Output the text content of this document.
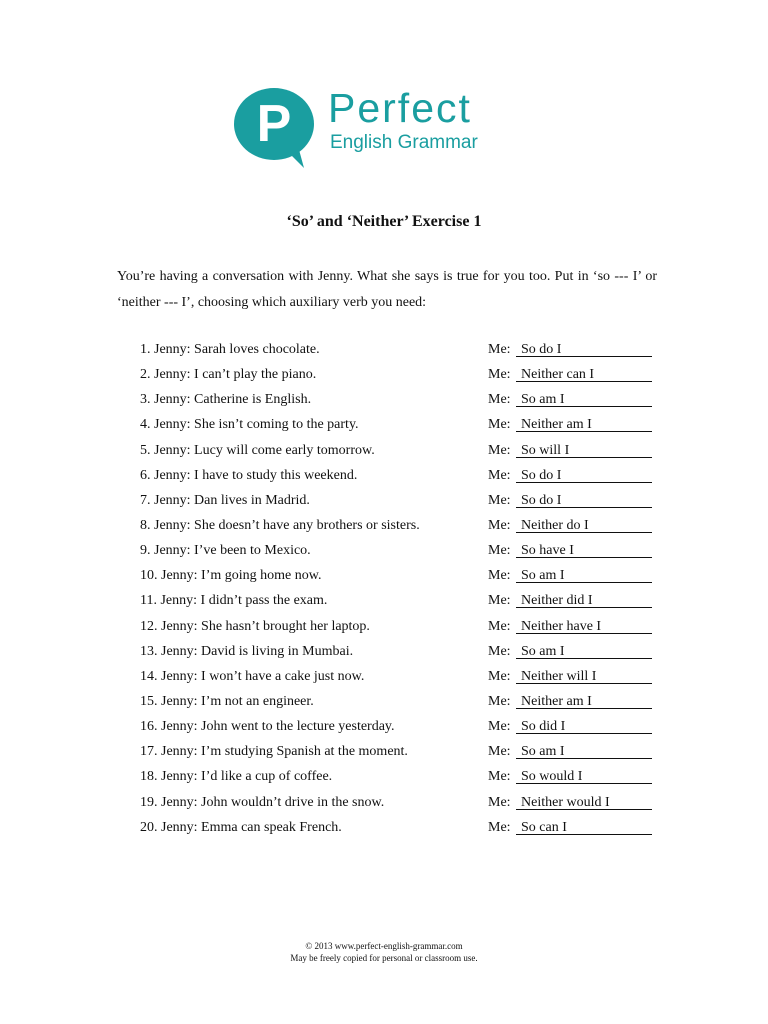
P Perfect
English Grammar
‘So’ and ‘Neither’ Exercise 1
You’re having a conversation with Jenny. What she says is true for you too. Put in ‘so --- I’ or ‘neither --- I’, choosing which auxiliary verb you need:
1. Jenny: Sarah loves chocolate.	Me: So do I
2. Jenny: I can’t play the piano.	Me: Neither can I
3. Jenny: Catherine is English.	Me: So am I
4. Jenny: She isn’t coming to the party.	Me: Neither am I
5. Jenny: Lucy will come early tomorrow.	Me: So will I
6. Jenny: I have to study this weekend.	Me: So do I
7. Jenny: Dan lives in Madrid.	Me: So do I
8. Jenny: She doesn’t have any brothers or sisters.	Me: Neither do I
9. Jenny: I’ve been to Mexico.	Me: So have I
10. Jenny: I’m going home now.	Me: So am I
11. Jenny: I didn’t pass the exam.	Me: Neither did I
12. Jenny: She hasn’t brought her laptop.	Me: Neither have I
13. Jenny: David is living in Mumbai.	Me: So am I
14. Jenny: I won’t have a cake just now.	Me: Neither will I
15. Jenny: I’m not an engineer.	Me: Neither am I
16. Jenny: John went to the lecture yesterday.	Me: So did I
17. Jenny: I’m studying Spanish at the moment.	Me: So am I
18. Jenny: I’d like a cup of coffee.	Me: So would I
19. Jenny: John wouldn’t drive in the snow.	Me: Neither would I
20. Jenny: Emma can speak French.	Me: So can I
© 2013 www.perfect-english-grammar.com
May be freely copied for personal or classroom use.
